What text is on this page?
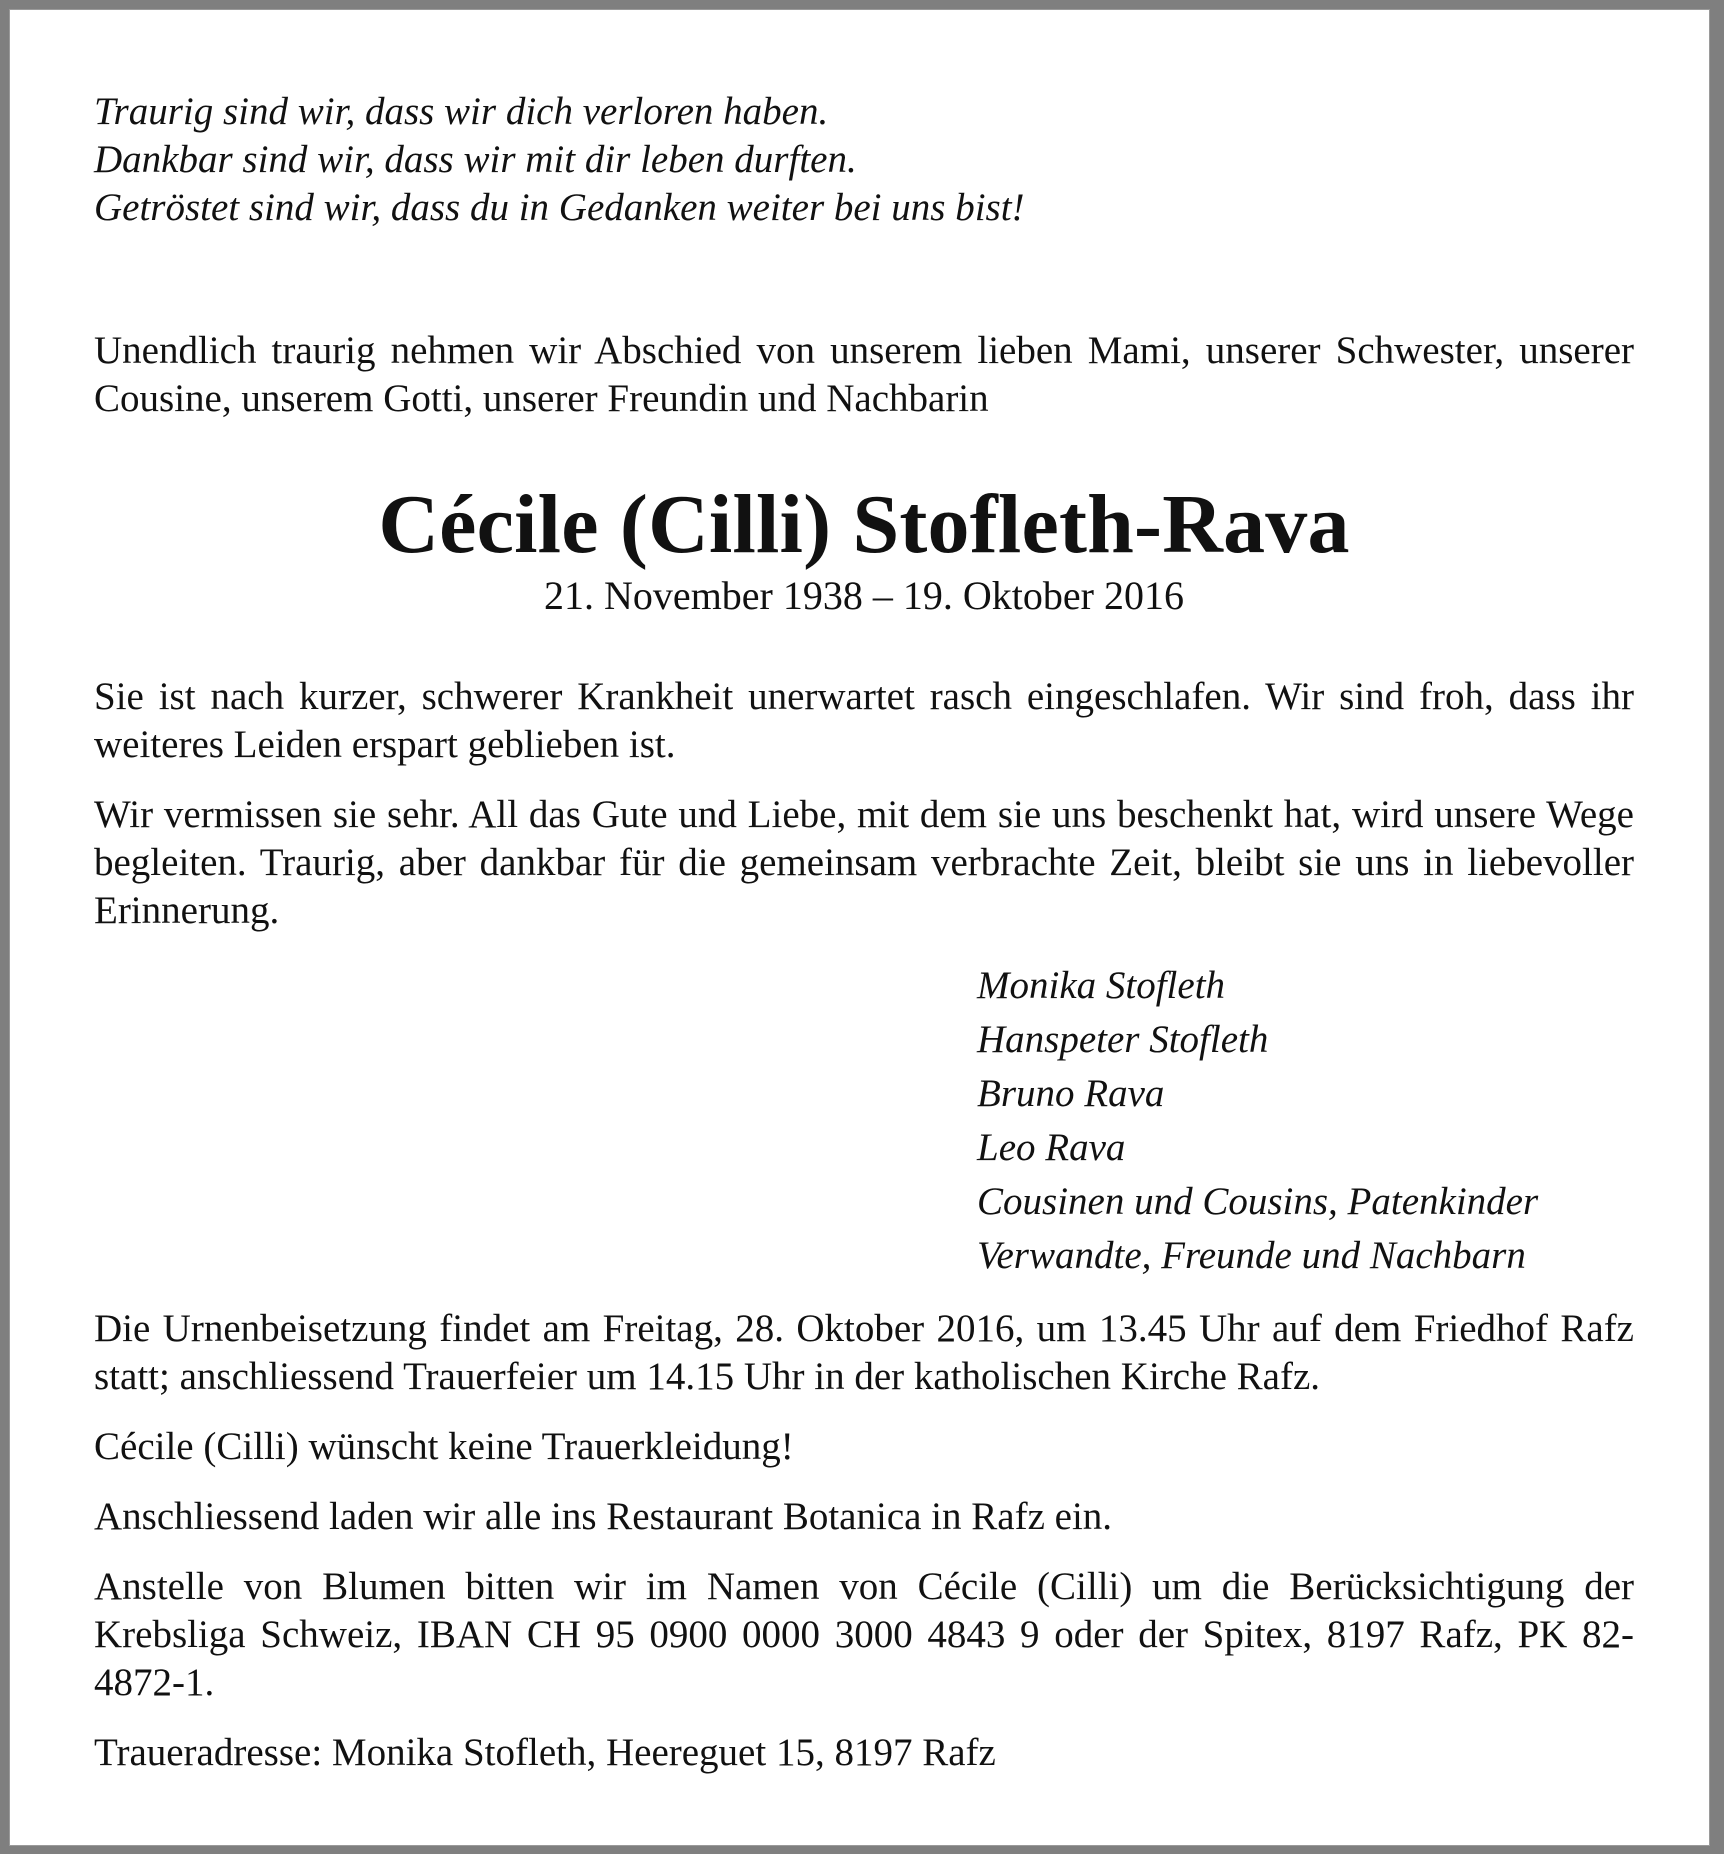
Traurig sind wir, dass wir dich verloren haben.

Dankbar sind wir, dass wir mit dir leben durften.

Getröstet sind wir, dass du in Gedanken weiter bei uns bist!

Unendlich traurig nehmen wir Abschied von unserem lieben Mami, unserer Schwester, unserer Cousine, unserem Gotti, unserer Freundin und Nachbarin

Cécile (Cilli) Stofleth-Rava

21. November 1938 – 19. Oktober 2016

Sie ist nach kurzer, schwerer Krankheit unerwartet rasch eingeschlafen. Wir sind froh, dass ihr weiteres Leiden erspart geblieben ist.

Wir vermissen sie sehr. All das Gute und Liebe, mit dem sie uns beschenkt hat, wird unsere Wege begleiten. Traurig, aber dankbar für die gemeinsam verbrachte Zeit, bleibt sie uns in liebevoller Erinnerung.

Monika Stofleth
Hanspeter Stofleth
Bruno Rava
Leo Rava
Cousinen und Cousins, Patenkinder
Verwandte, Freunde und Nachbarn

Die Urnenbeisetzung findet am Freitag, 28. Oktober 2016, um 13.45 Uhr auf dem Friedhof Rafz statt; anschliessend Trauerfeier um 14.15 Uhr in der katholischen Kirche Rafz.

Cécile (Cilli) wünscht keine Trauerkleidung!

Anschliessend laden wir alle ins Restaurant Botanica in Rafz ein.

Anstelle von Blumen bitten wir im Namen von Cécile (Cilli) um die Berücksichtigung der Krebsliga Schweiz, IBAN CH 95 0900 0000 3000 4843 9 oder der Spitex, 8197 Rafz, PK 82-4872-1.

Traueradresse: Monika Stofleth, Heereguet 15, 8197 Rafz
